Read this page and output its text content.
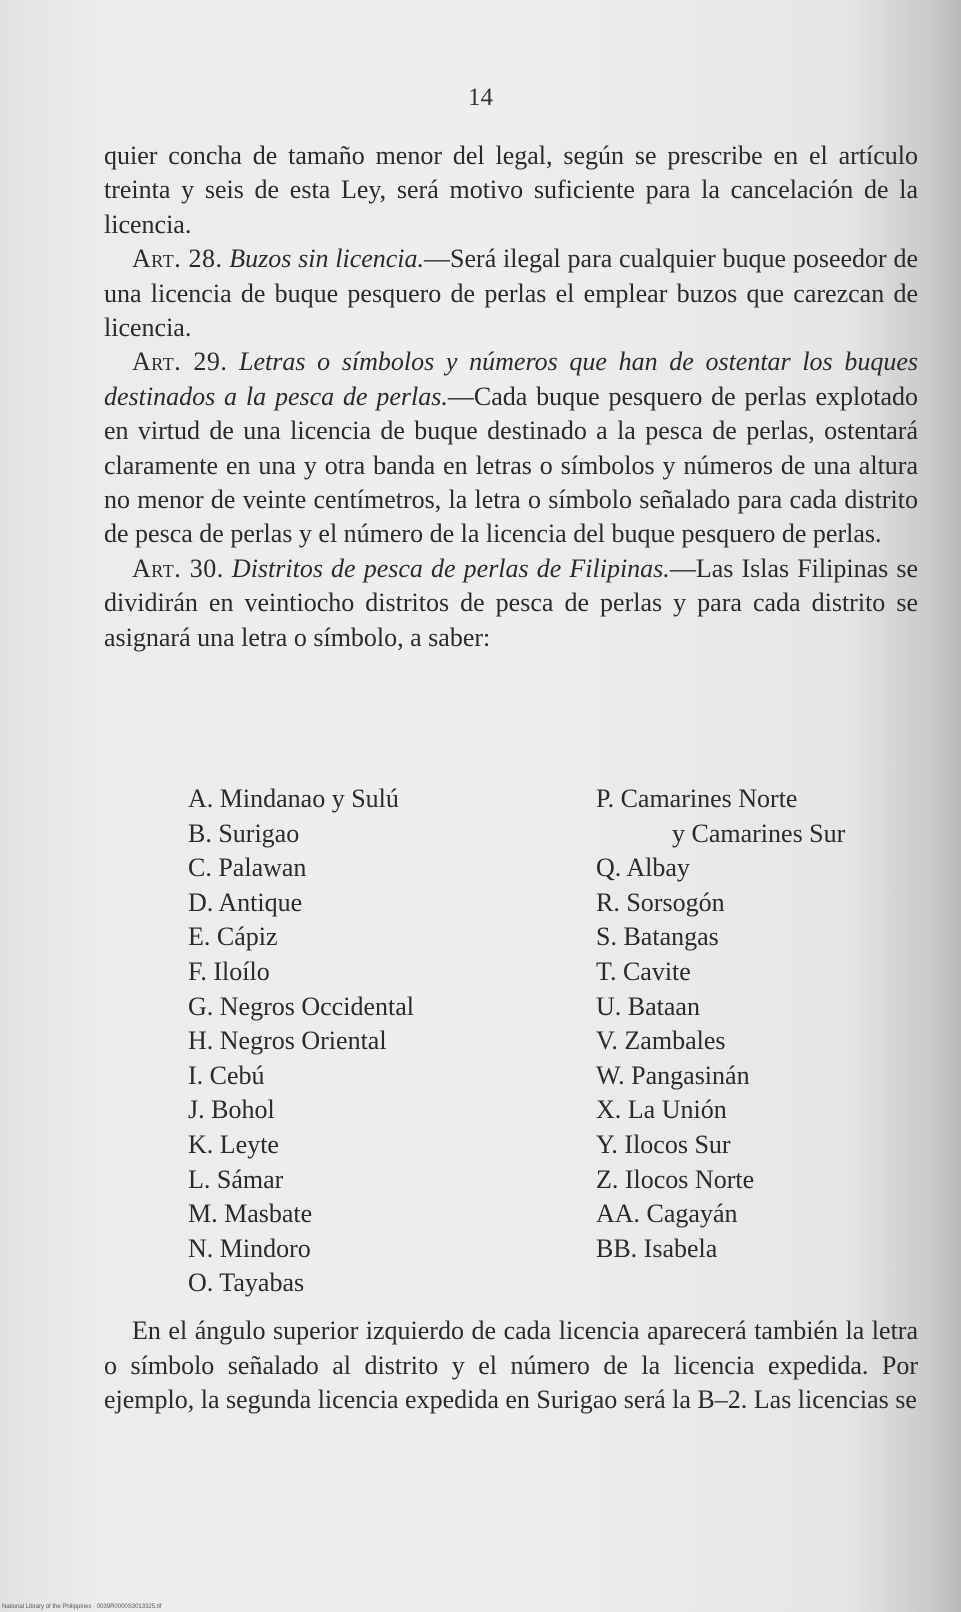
14

quier concha de tamaño menor del legal, según se prescribe en el artículo treinta y seis de esta Ley, será motivo suficiente para la cancelación de la licencia.

Art. 28. Buzos sin licencia.—Será ilegal para cualquier buque poseedor de una licencia de buque pesquero de perlas el emplear buzos que carezcan de licencia.

Art. 29. Letras o símbolos y números que han de ostentar los buques destinados a la pesca de perlas.—Cada buque pesquero de perlas explotado en virtud de una licencia de buque destinado a la pesca de perlas, ostentará claramente en una y otra banda en letras o símbolos y números de una altura no menor de veinte centímetros, la letra o símbolo señalado para cada distrito de pesca de perlas y el número de la licencia del buque pesquero de perlas.

Art. 30. Distritos de pesca de perlas de Filipinas.—Las Islas Filipinas se dividirán en veintiocho distritos de pesca de perlas y para cada distrito se asignará una letra o símbolo, a saber:

A. Mindanao y Sulú
B. Surigao
C. Palawan
D. Antique
E. Cápiz
F. Iloílo
G. Negros Occidental
H. Negros Oriental
I. Cebú
J. Bohol
K. Leyte
L. Sámar
M. Masbate
N. Mindoro
O. Tayabas
P. Camarines Norte
y Camarines Sur
Q. Albay
R. Sorsogón
S. Batangas
T. Cavite
U. Bataan
V. Zambales
W. Pangasinán
X. La Unión
Y. Ilocos Sur
Z. Ilocos Norte
AA. Cagayán
BB. Isabela

En el ángulo superior izquierdo de cada licencia aparecerá también la letra o símbolo señalado al distrito y el número de la licencia expedida. Por ejemplo, la segunda licencia expedida en Surigao será la B–2. Las licencias se

National Library of the Philippines · 0039R0000S3013325.tif
